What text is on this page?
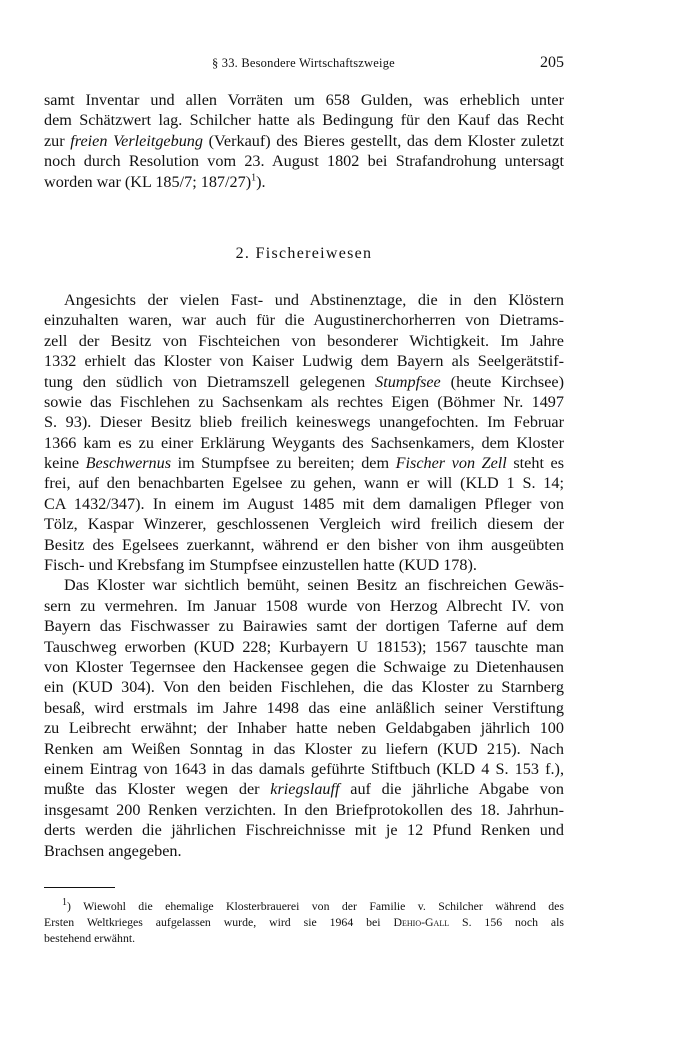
§ 33. Besondere Wirtschaftszweige	205
samt Inventar und allen Vorräten um 658 Gulden, was erheblich unter
dem Schätzwert lag. Schilcher hatte als Bedingung für den Kauf das Recht
zur freien Verleitgebung (Verkauf) des Bieres gestellt, das dem Kloster zuletzt
noch durch Resolution vom 23. August 1802 bei Strafandrohung untersagt
worden war (KL 185/7; 187/27)$^1$).
2. Fischereiwesen
Angesichts der vielen Fast- und Abstinenztage, die in den Klöstern
einzuhalten waren, war auch für die Augustinerchorherren von Dietrams-
zell der Besitz von Fischteichen von besonderer Wichtigkeit. Im Jahre
1332 erhielt das Kloster von Kaiser Ludwig dem Bayern als Seelgerätstif-
tung den südlich von Dietramszell gelegenen Stumpfsee (heute Kirchsee)
sowie das Fischlehen zu Sachsenkam als rechtes Eigen (Böhmer Nr. 1497
S. 93). Dieser Besitz blieb freilich keineswegs unangefochten. Im Februar
1366 kam es zu einer Erklärung Weygants des Sachsenkamers, dem Kloster
keine Beschwernus im Stumpfsee zu bereiten; dem Fischer von Zell steht es
frei, auf den benachbarten Egelsee zu gehen, wann er will (KLD 1 S. 14;
CA 1432/347). In einem im August 1485 mit dem damaligen Pfleger von
Tölz, Kaspar Winzerer, geschlossenen Vergleich wird freilich diesem der
Besitz des Egelsees zuerkannt, während er den bisher von ihm ausgeübten
Fisch- und Krebsfang im Stumpfsee einzustellen hatte (KUD 178).
Das Kloster war sichtlich bemüht, seinen Besitz an fischreichen Gewäs-
sern zu vermehren. Im Januar 1508 wurde von Herzog Albrecht IV. von
Bayern das Fischwasser zu Bairawies samt der dortigen Taferne auf dem
Tauschweg erworben (KUD 228; Kurbayern U 18153); 1567 tauschte man
von Kloster Tegernsee den Hackensee gegen die Schwaige zu Dietenhausen
ein (KUD 304). Von den beiden Fischlehen, die das Kloster zu Starnberg
besaß, wird erstmals im Jahre 1498 das eine anläßlich seiner Verstiftung
zu Leibrecht erwähnt; der Inhaber hatte neben Geldabgaben jährlich 100
Renken am Weißen Sonntag in das Kloster zu liefern (KUD 215). Nach
einem Eintrag von 1643 in das damals geführte Stiftbuch (KLD 4 S. 153 f.),
mußte das Kloster wegen der kriegslauff auf die jährliche Abgabe von
insgesamt 200 Renken verzichten. In den Briefprotokollen des 18. Jahrhun-
derts werden die jährlichen Fischreichnisse mit je 12 Pfund Renken und
Brachsen angegeben.
$^1$) Wiewohl die ehemalige Klosterbrauerei von der Familie v. Schilcher während des
Ersten Weltkrieges aufgelassen wurde, wird sie 1964 bei Dehio-Gall S. 156 noch als
bestehend erwähnt.
